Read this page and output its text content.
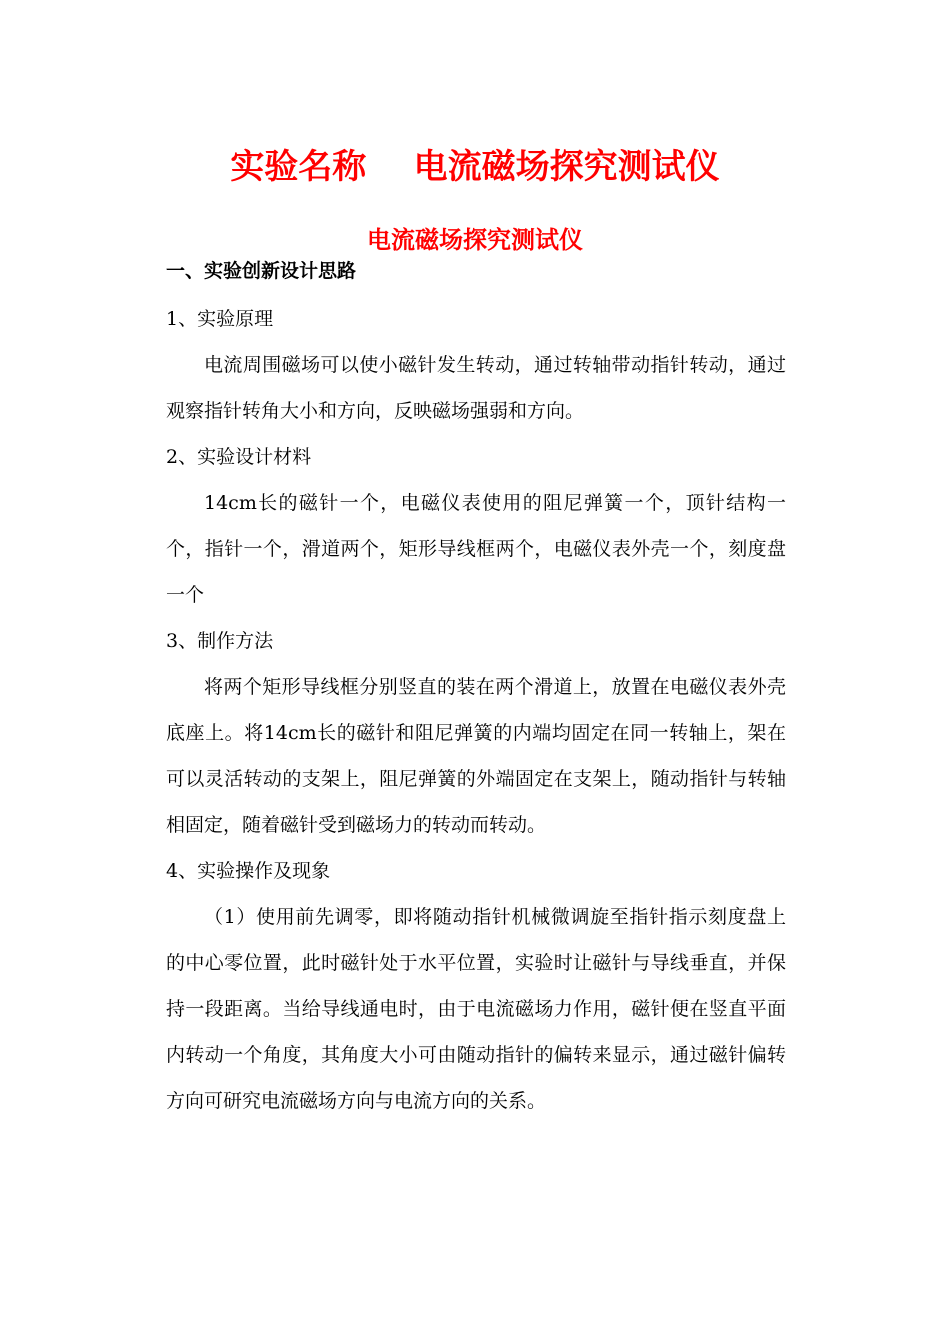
实验名称    电流磁场探究测试仪
电流磁场探究测试仪
一、实验创新设计思路
1、实验原理

电流周围磁场可以使小磁针发生转动，通过转轴带动指针转动，通过观察指针转角大小和方向，反映磁场强弱和方向。

2、实验设计材料

14cm长的磁针一个，电磁仪表使用的阻尼弹簧一个，顶针结构一个，指针一个，滑道两个，矩形导线框两个，电磁仪表外壳一个，刻度盘一个

3、制作方法

将两个矩形导线框分别竖直的装在两个滑道上，放置在电磁仪表外壳底座上。将14cm长的磁针和阻尼弹簧的内端均固定在同一转轴上，架在可以灵活转动的支架上，阻尼弹簧的外端固定在支架上，随动指针与转轴相固定，随着磁针受到磁场力的转动而转动。

4、实验操作及现象

（1）使用前先调零，即将随动指针机械微调旋至指针指示刻度盘上的中心零位置，此时磁针处于水平位置，实验时让磁针与导线垂直，并保持一段距离。当给导线通电时，由于电流磁场力作用，磁针便在竖直平面内转动一个角度，其角度大小可由随动指针的偏转来显示，通过磁针偏转方向可研究电流磁场方向与电流方向的关系。
